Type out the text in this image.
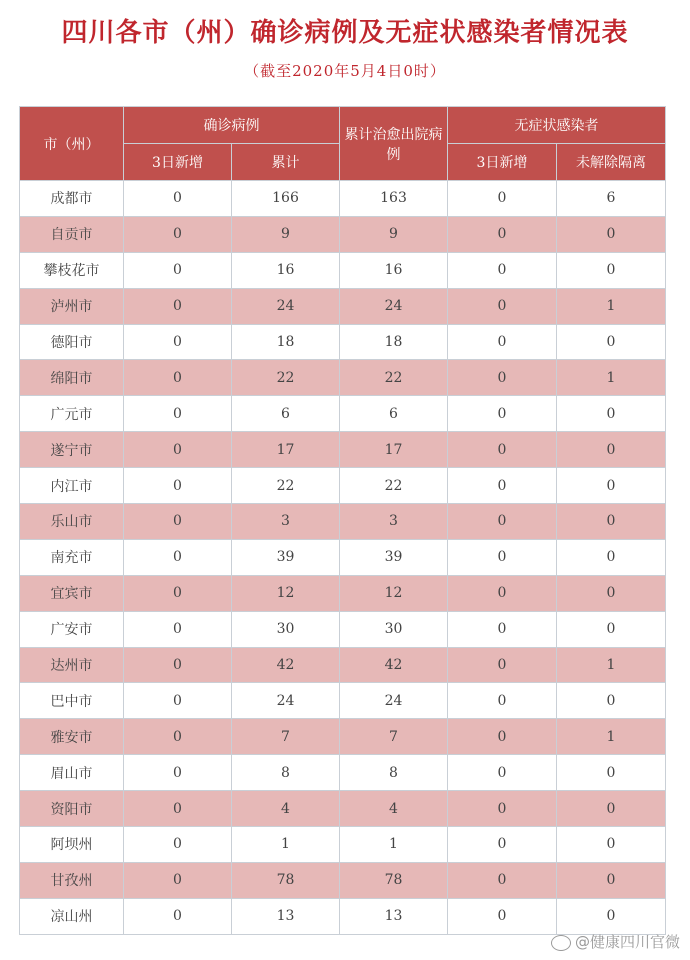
四川各市（州）确诊病例及无症状感染者情况表
（截至2020年5月4日0时）
市（州）	确诊病例		累计治愈出院病例	无症状感染者	
	3日新增	累计		3日新增	未解除隔离
成都市	0	166	163	0	6
自贡市	0	9	9	0	0
攀枝花市	0	16	16	0	0
泸州市	0	24	24	0	1
德阳市	0	18	18	0	0
绵阳市	0	22	22	0	1
广元市	0	6	6	0	0
遂宁市	0	17	17	0	0
内江市	0	22	22	0	0
乐山市	0	3	3	0	0
南充市	0	39	39	0	0
宜宾市	0	12	12	0	0
广安市	0	30	30	0	0
达州市	0	42	42	0	1
巴中市	0	24	24	0	0
雅安市	0	7	7	0	1
眉山市	0	8	8	0	0
资阳市	0	4	4	0	0
阿坝州	0	1	1	0	0
甘孜州	0	78	78	0	0
凉山州	0	13	13	0	0
@健康四川官微
